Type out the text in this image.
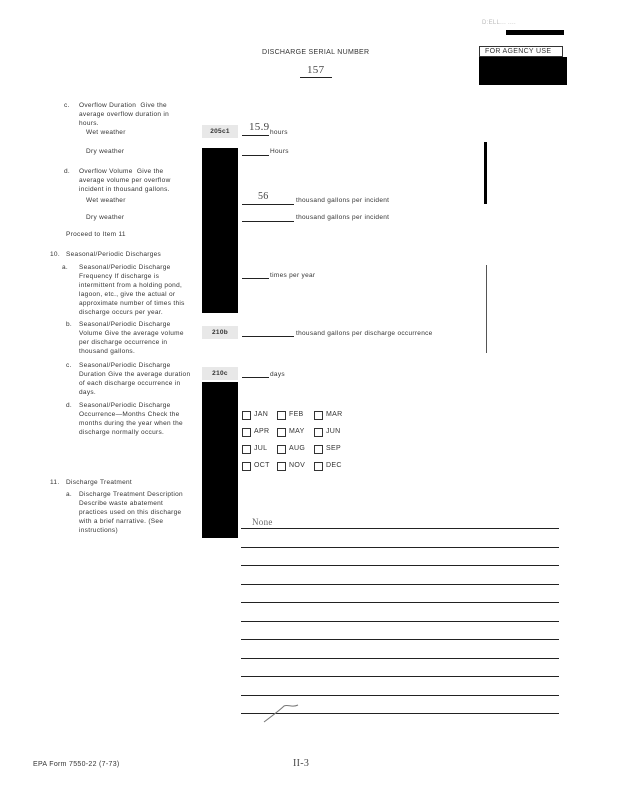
D:ELL... ....
DISCHARGE SERIAL NUMBER
157
FOR AGENCY USE
c. Overflow Duration Give the average overflow duration in hours.
Wet weather	205c1	15.9 hours
Dry weather	Hours
d. Overflow Volume Give the average volume per overflow incident in thousand gallons.
Wet weather	56	thousand gallons per incident
Dry weather	thousand gallons per incident
Proceed to Item 11
10. Seasonal/Periodic Discharges
a. Seasonal/Periodic Discharge Frequency If discharge is intermittent from a holding pond, lagoon, etc., give the actual or approximate number of times this discharge occurs per year.
times per year
b. Seasonal/Periodic Discharge Volume Give the average volume per discharge occurrence in thousand gallons.
210b	thousand gallons per discharge occurrence
c. Seasonal/Periodic Discharge Duration Give the average duration of each discharge occurrence in days.
210c	days
d. Seasonal/Periodic Discharge Occurrence—Months Check the months during the year when the discharge normally occurs.
JAN	FEB	MAR
APR	MAY	JUN
JUL	AUG	SEP
OCT	NOV	DEC
11. Discharge Treatment
a. Discharge Treatment Description Describe waste abatement practices used on this discharge with a brief narrative. (See instructions)
None
EPA Form 7550-22 (7-73)	II-3
